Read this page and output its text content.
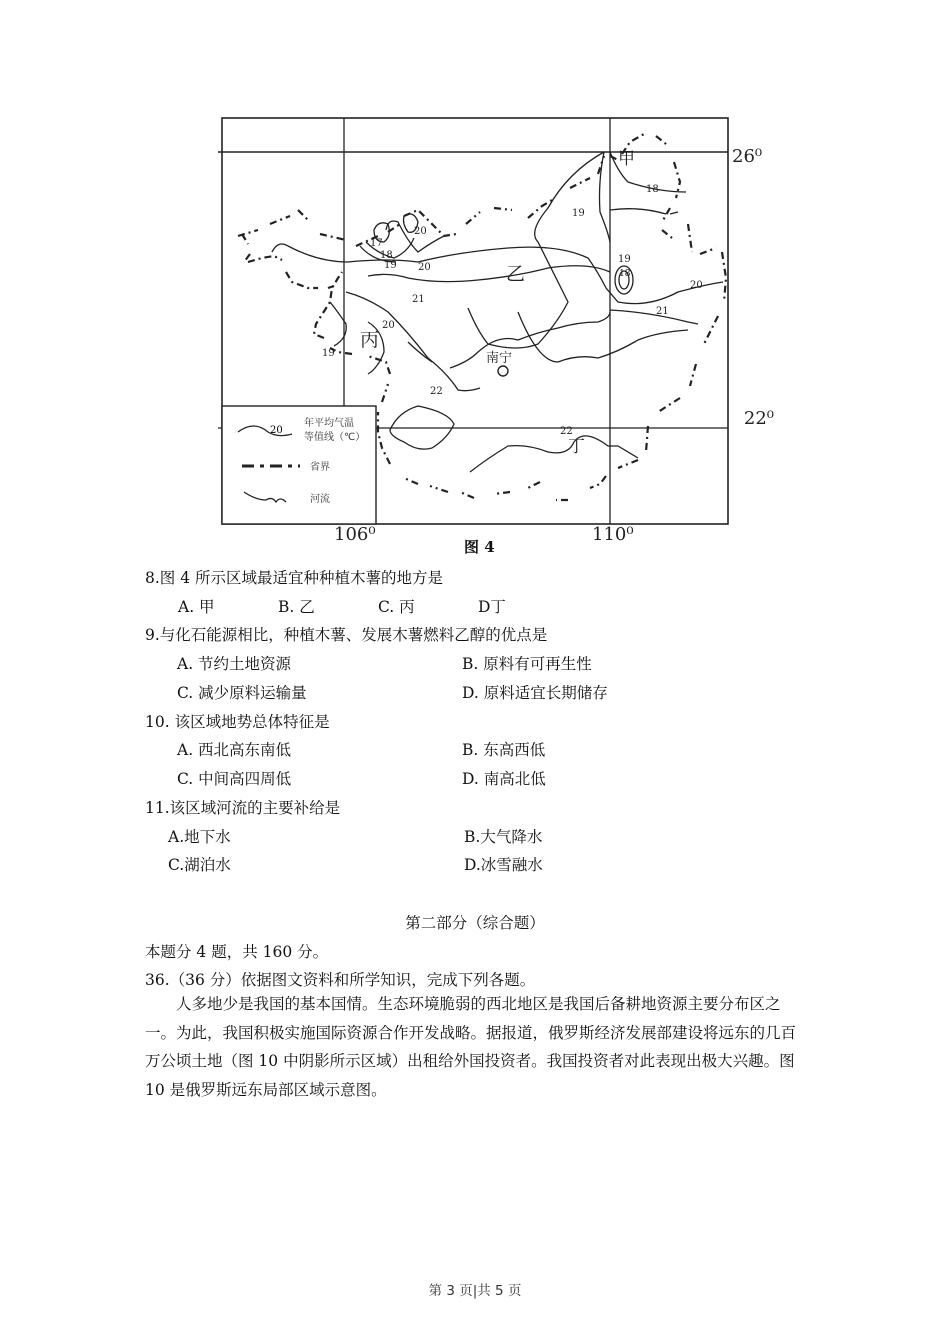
26⁰
22⁰
106⁰	110⁰
甲
乙
丙
丁
南宁
17
18
19
20
20
20
21
22
22
18
19
19
18
20
21
19
20
年平均气温
等值线（℃）
省界
河流
图 4
8.图 4 所示区域最适宜种种植木薯的地方是
A. 甲	B. 乙	C. 丙	D丁
9.与化石能源相比，种植木薯、发展木薯燃料乙醇的优点是
A. 节约土地资源	B. 原料有可再生性
C. 减少原料运输量	D. 原料适宜长期储存
10. 该区域地势总体特征是
A. 西北高东南低	B. 东高西低
C. 中间高四周低	D. 南高北低
11.该区域河流的主要补给是
A.地下水	B.大气降水
C.湖泊水	D.冰雪融水
第二部分（综合题）
本题分 4 题，共 160 分。
36.（36 分）依据图文资料和所学知识，完成下列各题。
人多地少是我国的基本国情。生态环境脆弱的西北地区是我国后备耕地资源主要分布区之一。为此，我国积极实施国际资源合作开发战略。据报道，俄罗斯经济发展部建设将远东的几百万公顷土地（图 10 中阴影所示区域）出租给外国投资者。我国投资者对此表现出极大兴趣。图 10 是俄罗斯远东局部区域示意图。
第 3 页|共 5 页
